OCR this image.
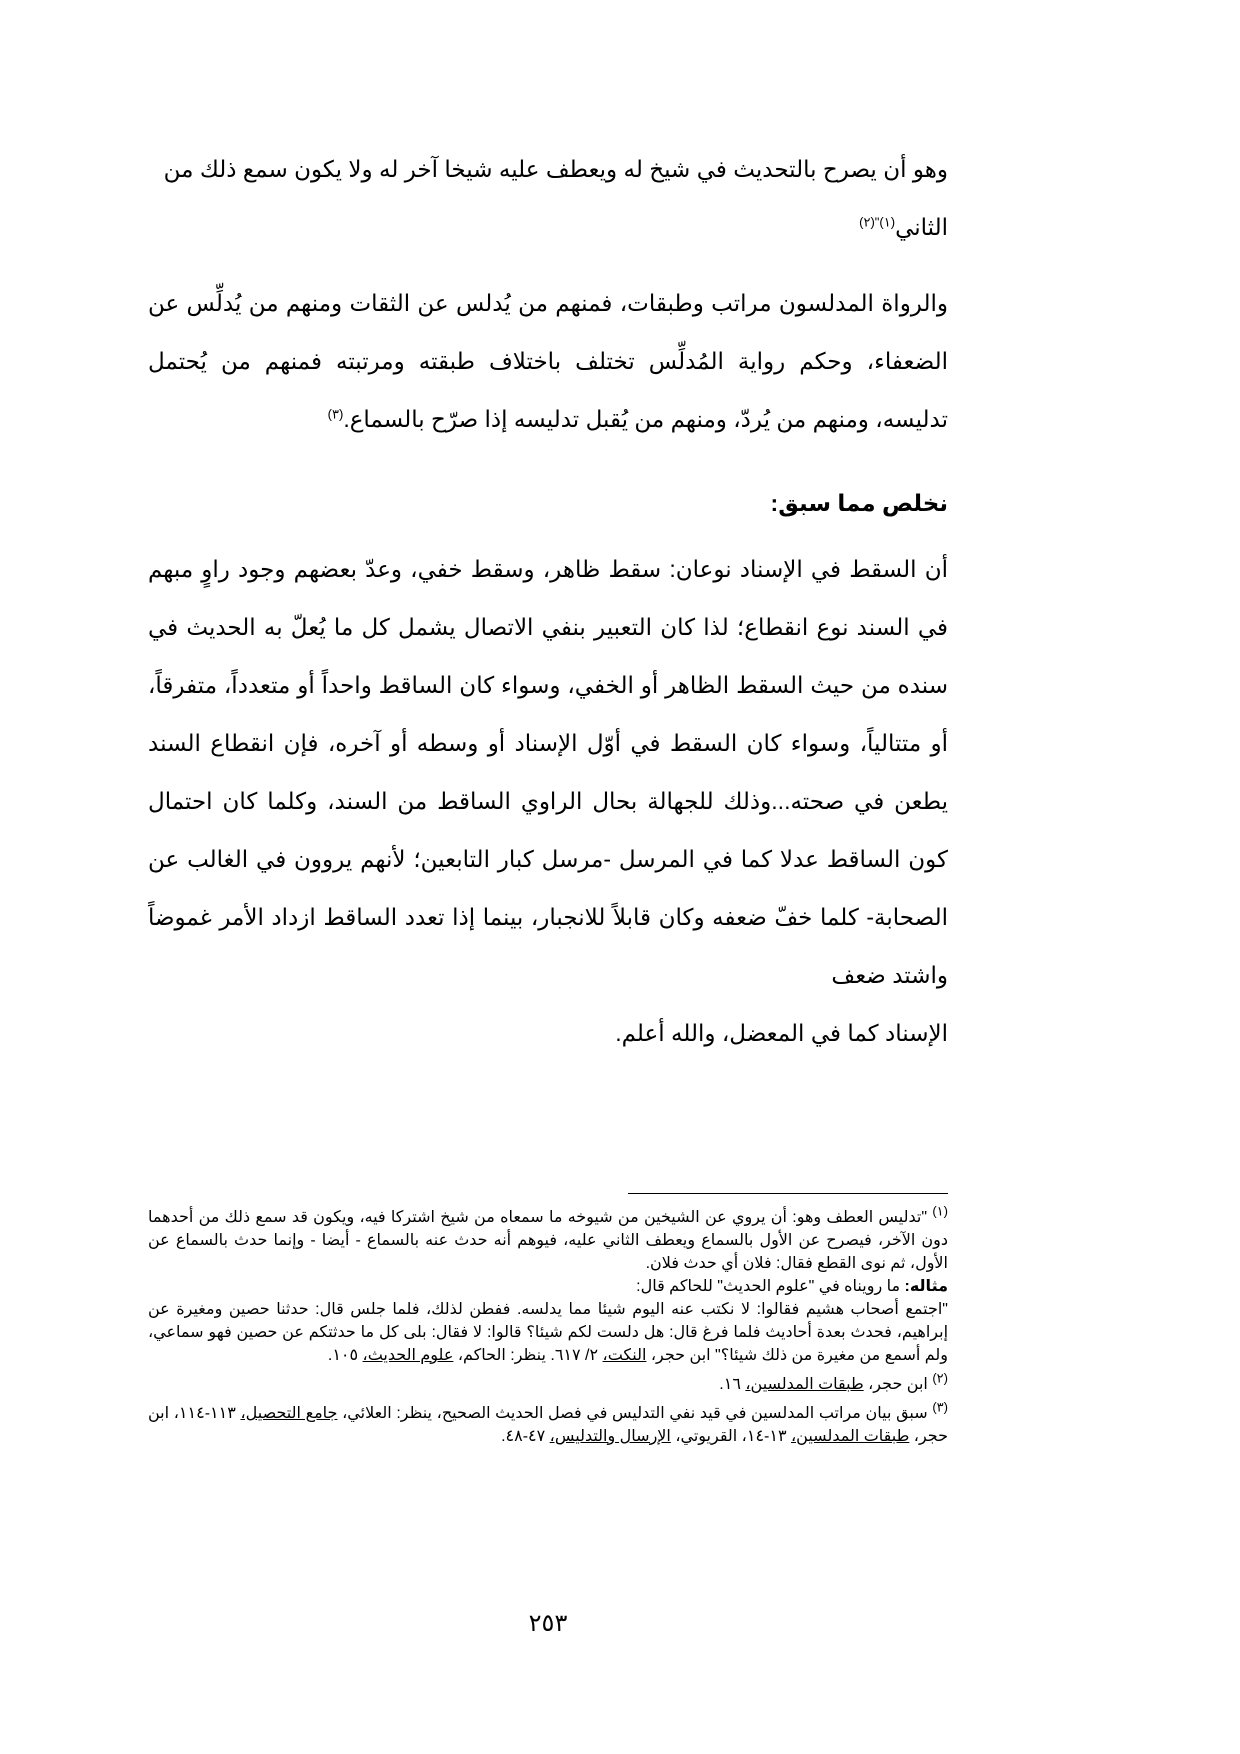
وهو أن يصرح بالتحديث في شيخ له ويعطف عليه شيخا آخر له ولا يكون سمع ذلك من
الثاني$^{(١)"(٢)}$

والرواة المدلسون مراتب وطبقات، فمنهم من يُدلس عن الثقات ومنهم من يُدلِّس عن الضعفاء، وحكم رواية المُدلِّس تختلف باختلاف طبقته ومرتبته فمنهم من يُحتمل تدليسه، ومنهم من يُردّ، ومنهم من يُقبل تدليسه إذا صرّح بالسماع.$^{(٣)}$

نخلص مما سبق:

أن السقط في الإسناد نوعان: سقط ظاهر، وسقط خفي، وعدّ بعضهم وجود راوٍ مبهم في السند نوع انقطاع؛ لذا كان التعبير بنفي الاتصال يشمل كل ما يُعلّ به الحديث في سنده من حيث السقط الظاهر أو الخفي، وسواء كان الساقط واحداً أو متعدداً، متفرقاً، أو متتالياً، وسواء كان السقط في أوّل الإسناد أو وسطه أو آخره، فإن انقطاع السند يطعن في صحته...وذلك للجهالة بحال الراوي الساقط من السند، وكلما كان احتمال كون الساقط عدلا كما في المرسل -مرسل كبار التابعين؛ لأنهم يروون في الغالب عن الصحابة- كلما خفّ ضعفه وكان قابلاً للانجبار، بينما إذا تعدد الساقط ازداد الأمر غموضاً واشتد ضعف
الإسناد كما في المعضل، والله أعلم.

$^{(١)}$ "تدليس العطف وهو: أن يروي عن الشيخين من شيوخه ما سمعاه من شيخ اشتركا فيه، ويكون قد سمع ذلك من أحدهما دون الآخر، فيصرح عن الأول بالسماع ويعطف الثاني عليه، فيوهم أنه حدث عنه بالسماع - أيضا - وإنما حدث بالسماع عن الأول، ثم نوى القطع فقال: فلان أي حدث فلان.
مثاله: ما رويناه في "علوم الحديث" للحاكم قال:
"اجتمع أصحاب هشيم فقالوا: لا نكتب عنه اليوم شيئا مما يدلسه. ففطن لذلك، فلما جلس قال: حدثنا حصين ومغيرة عن إبراهيم، فحدث بعدة أحاديث فلما فرغ قال: هل دلست لكم شيئا؟ قالوا: لا فقال: بلى كل ما حدثتكم عن حصين فهو سماعي، ولم أسمع من مغيرة من ذلك شيئا؟" ابن حجر، النكت، ٢/ ٦١٧. ينظر: الحاكم، علوم الحديث، ١٠٥.
$^{(٢)}$ ابن حجر، طبقات المدلسين، ١٦.
$^{(٣)}$ سبق بيان مراتب المدلسين في قيد نفي التدليس في فصل الحديث الصحيح، ينظر: العلائي، جامع التحصيل، ١١٣-١١٤، ابن حجر، طبقات المدلسين، ١٣-١٤، القريوتي، الإرسال والتدليس، ٤٧-٤٨.
٢٥٣
